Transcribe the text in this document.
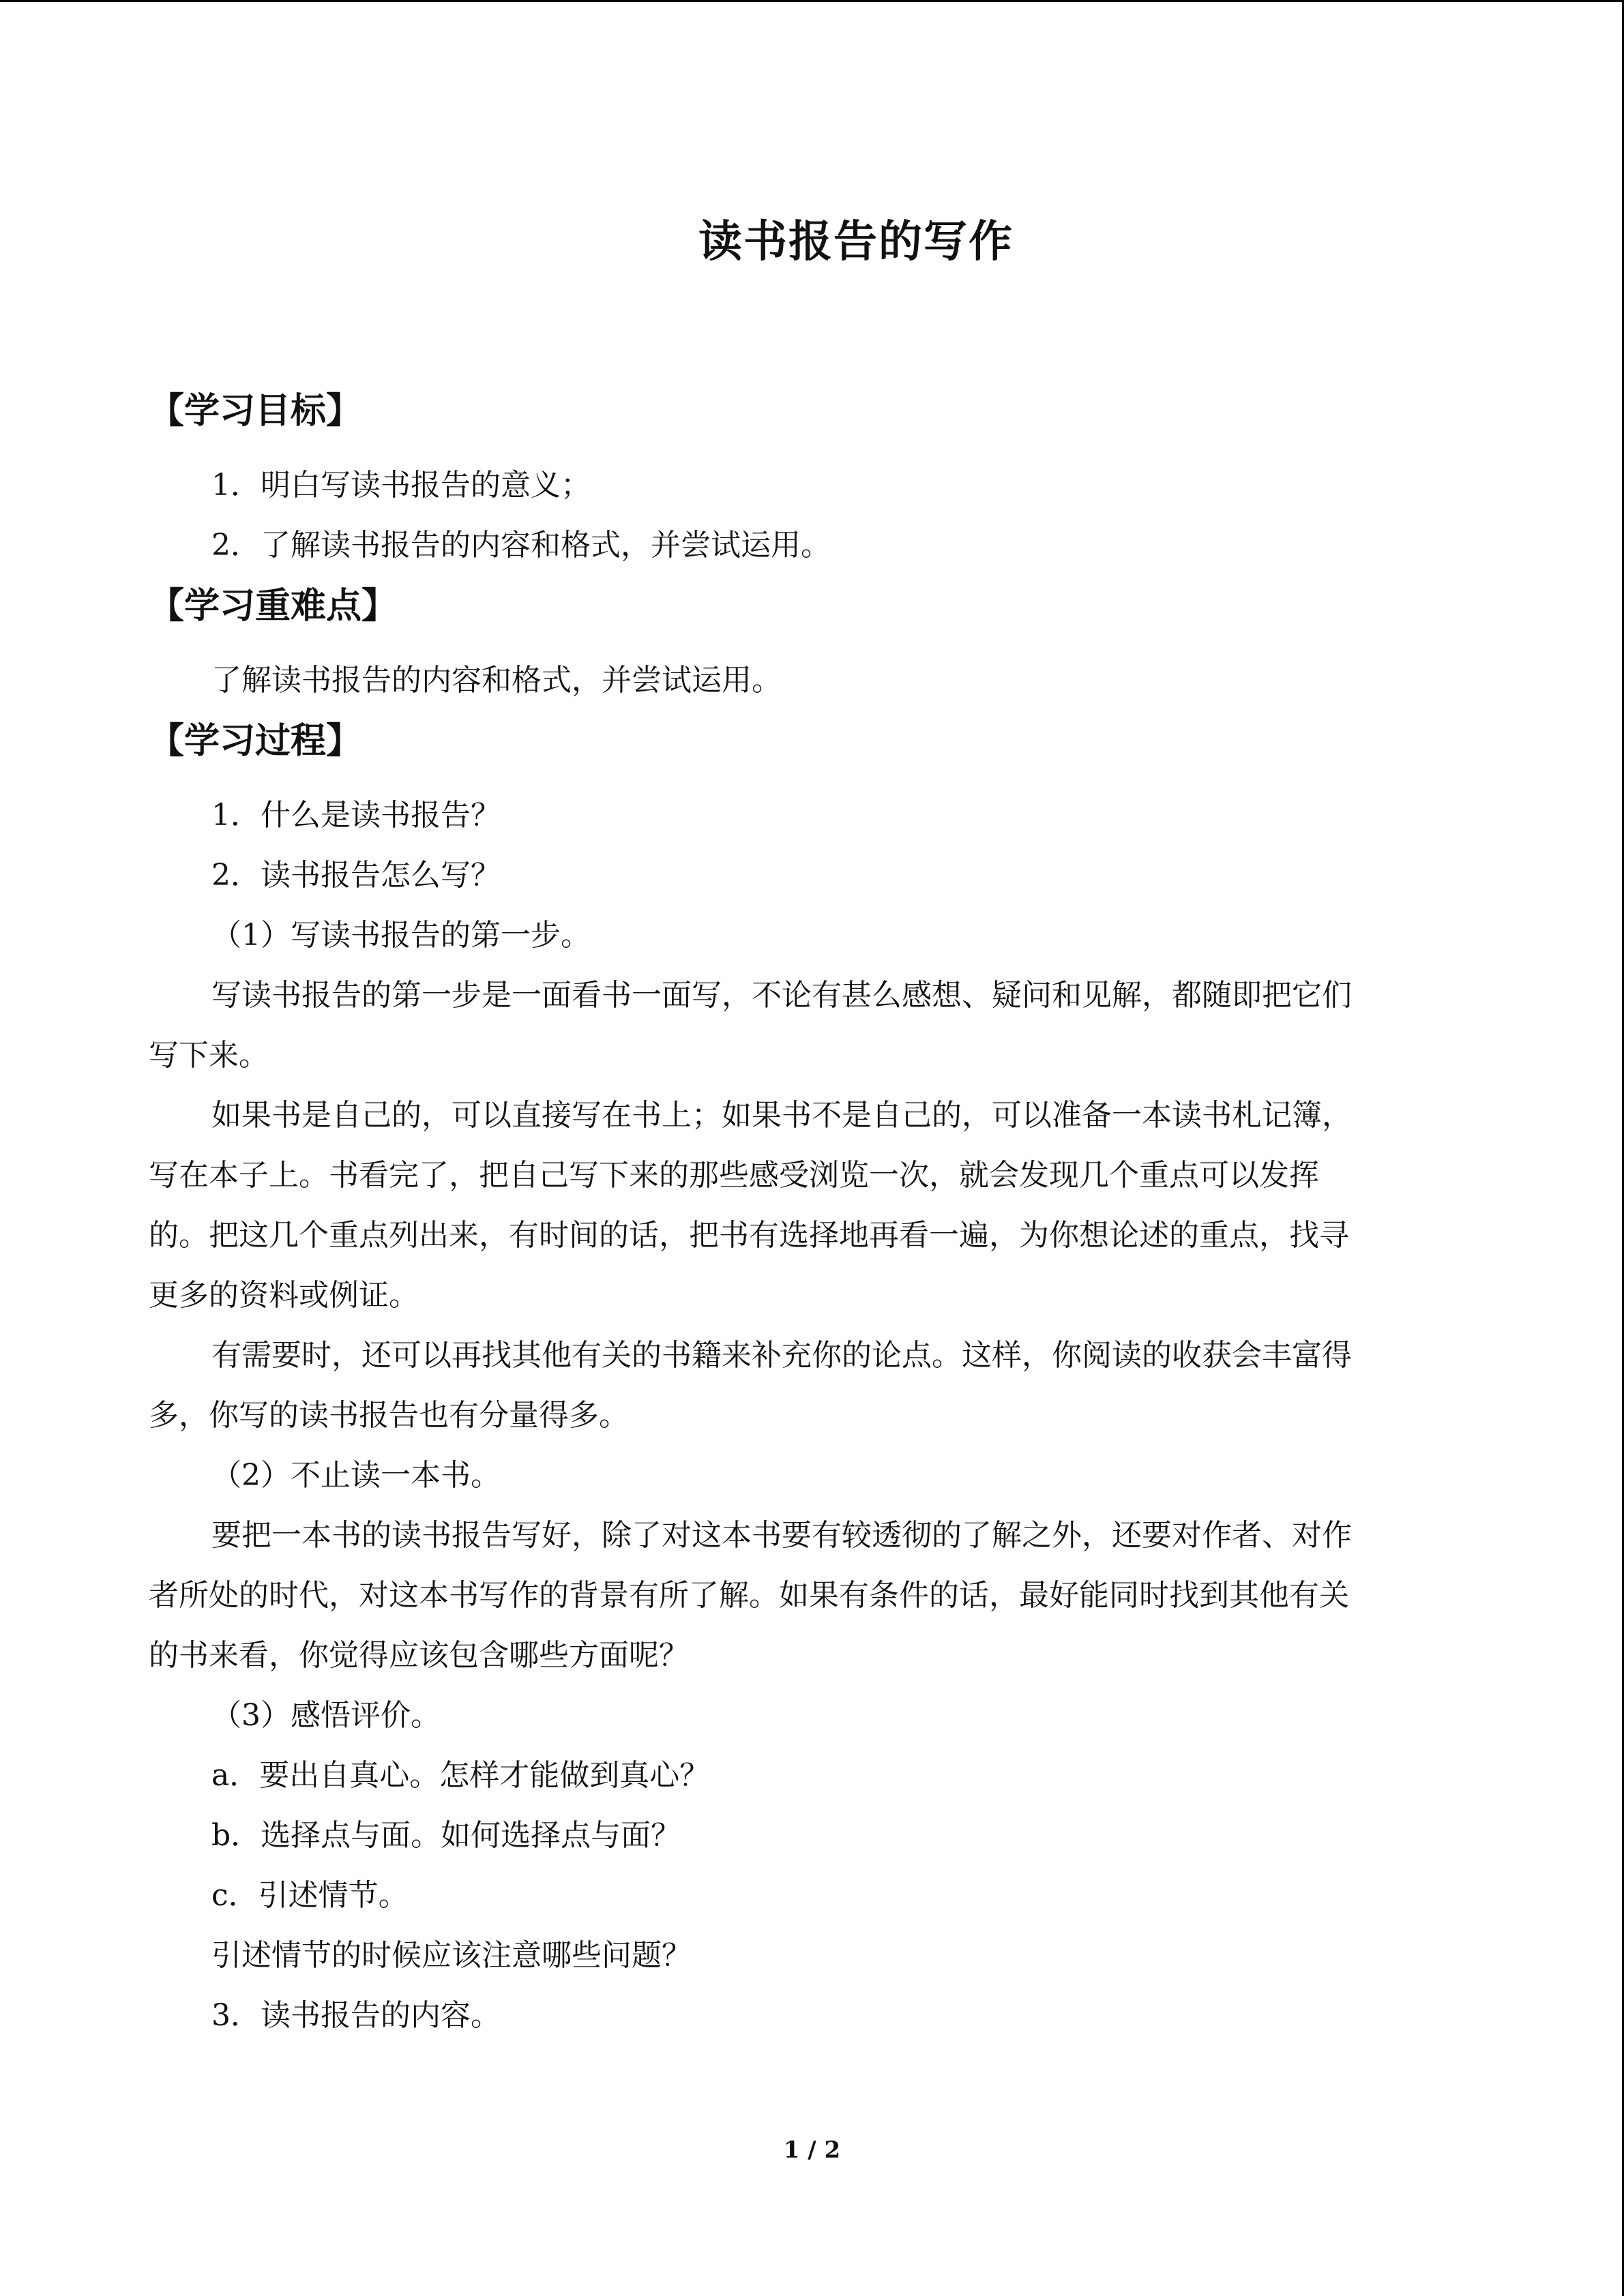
读书报告的写作

【学习目标】

1．明白写读书报告的意义；

2．了解读书报告的内容和格式，并尝试运用。

【学习重难点】

了解读书报告的内容和格式，并尝试运用。

【学习过程】

1．什么是读书报告？

2．读书报告怎么写？

（1）写读书报告的第一步。

写读书报告的第一步是一面看书一面写，不论有甚么感想、疑问和见解，都随即把它们

写下来。

如果书是自己的，可以直接写在书上；如果书不是自己的，可以准备一本读书札记簿，

写在本子上。书看完了，把自己写下来的那些感受浏览一次，就会发现几个重点可以发挥

的。把这几个重点列出来，有时间的话，把书有选择地再看一遍，为你想论述的重点，找寻

更多的资料或例证。

有需要时，还可以再找其他有关的书籍来补充你的论点。这样，你阅读的收获会丰富得

多，你写的读书报告也有分量得多。

（2）不止读一本书。

要把一本书的读书报告写好，除了对这本书要有较透彻的了解之外，还要对作者、对作

者所处的时代，对这本书写作的背景有所了解。如果有条件的话，最好能同时找到其他有关

的书来看，你觉得应该包含哪些方面呢？

（3）感悟评价。

a．要出自真心。怎样才能做到真心？

b．选择点与面。如何选择点与面？

c．引述情节。

引述情节的时候应该注意哪些问题？

3．读书报告的内容。

1 / 2
